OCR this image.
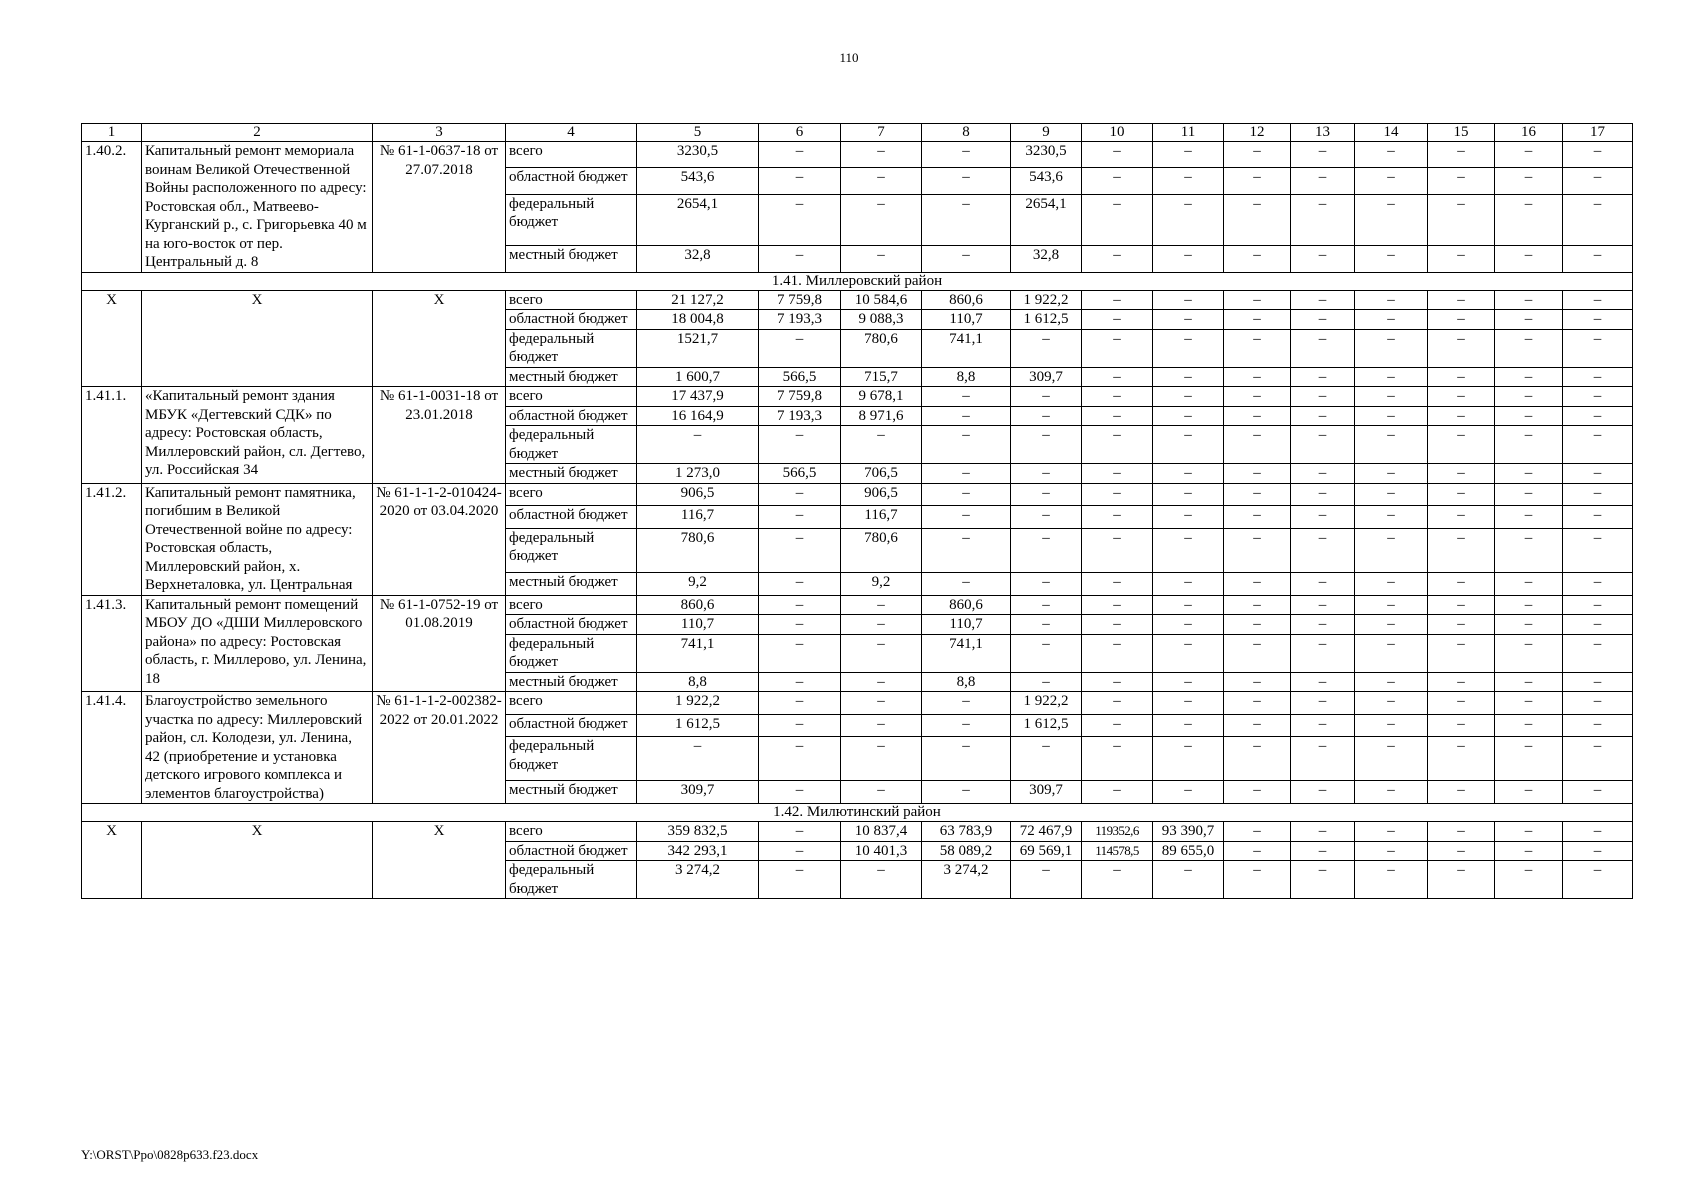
110
1	2	3	4	5	6	7	8	9	10	11	12	13	14	15	16	17
1.40.2.	Капитальный ремонт мемориала воинам Великой Отечественной Войны расположенного по адресу: Ростовская обл., Матвеево-Курганский р., с. Григорьевка 40 м на юго-восток от пер. Центральный д. 8	№ 61-1-0637-18 от 27.07.2018	всего	3230,5	–	–	–	3230,5	–	–	–	–	–	–	–	–
			областной бюджет	543,6	–	–	–	543,6	–	–	–	–	–	–	–	–
			федеральный бюджет	2654,1	–	–	–	2654,1	–	–	–	–	–	–	–	–
			местный бюджет	32,8	–	–	–	32,8	–	–	–	–	–	–	–	–
1.41. Миллеровский район																
Х	Х	Х	всего	21 127,2	7 759,8	10 584,6	860,6	1 922,2	–	–	–	–	–	–	–	–
			областной бюджет	18 004,8	7 193,3	9 088,3	110,7	1 612,5	–	–	–	–	–	–	–	–
			федеральный бюджет	1521,7	–	780,6	741,1	–	–	–	–	–	–	–	–	–
			местный бюджет	1 600,7	566,5	715,7	8,8	309,7	–	–	–	–	–	–	–	–
1.41.1.	«Капитальный ремонт здания МБУК «Дегтевский СДК» по адресу: Ростовская область, Миллеровский район, сл. Дегтево, ул. Российская 34	№ 61-1-0031-18 от 23.01.2018	всего	17 437,9	7 759,8	9 678,1	–	–	–	–	–	–	–	–	–	–
			областной бюджет	16 164,9	7 193,3	8 971,6	–	–	–	–	–	–	–	–	–	–
			федеральный бюджет	–	–	–	–	–	–	–	–	–	–	–	–	–
			местный бюджет	1 273,0	566,5	706,5	–	–	–	–	–	–	–	–	–	–
1.41.2.	Капитальный ремонт памятника, погибшим в Великой Отечественной войне по адресу: Ростовская область, Миллеровский район, х. Верхнеталовка, ул. Центральная	№ 61-1-1-2-010424-2020 от 03.04.2020	всего	906,5	–	906,5	–	–	–	–	–	–	–	–	–	–
			областной бюджет	116,7	–	116,7	–	–	–	–	–	–	–	–	–	–
			федеральный бюджет	780,6	–	780,6	–	–	–	–	–	–	–	–	–	–
			местный бюджет	9,2	–	9,2	–	–	–	–	–	–	–	–	–	–
1.41.3.	Капитальный ремонт помещений МБОУ ДО «ДШИ Миллеровского района» по адресу: Ростовская область, г. Миллерово, ул. Ленина, 18	№ 61-1-0752-19 от 01.08.2019	всего	860,6	–	–	860,6	–	–	–	–	–	–	–	–	–
			областной бюджет	110,7	–	–	110,7	–	–	–	–	–	–	–	–	–
			федеральный бюджет	741,1	–	–	741,1	–	–	–	–	–	–	–	–	–
			местный бюджет	8,8	–	–	8,8	–	–	–	–	–	–	–	–	–
1.41.4.	Благоустройство земельного участка по адресу: Миллеровский район, сл. Колодези, ул. Ленина, 42 (приобретение и установка детского игрового комплекса и элементов благоустройства)	№ 61-1-1-2-002382-2022 от 20.01.2022	всего	1 922,2	–	–	–	1 922,2	–	–	–	–	–	–	–	–
			областной бюджет	1 612,5	–	–	–	1 612,5	–	–	–	–	–	–	–	–
			федеральный бюджет	–	–	–	–	–	–	–	–	–	–	–	–	–
			местный бюджет	309,7	–	–	–	309,7	–	–	–	–	–	–	–	–
1.42. Милютинский район																
Х	Х	Х	всего	359 832,5	–	10 837,4	63 783,9	72 467,9	119352,6	93 390,7	–	–	–	–	–	–
			областной бюджет	342 293,1	–	10 401,3	58 089,2	69 569,1	114578,5	89 655,0	–	–	–	–	–	–
			федеральный бюджет	3 274,2	–	–	3 274,2	–	–	–	–	–	–	–	–	–
Y:\ORST\Ppo\0828p633.f23.docx
